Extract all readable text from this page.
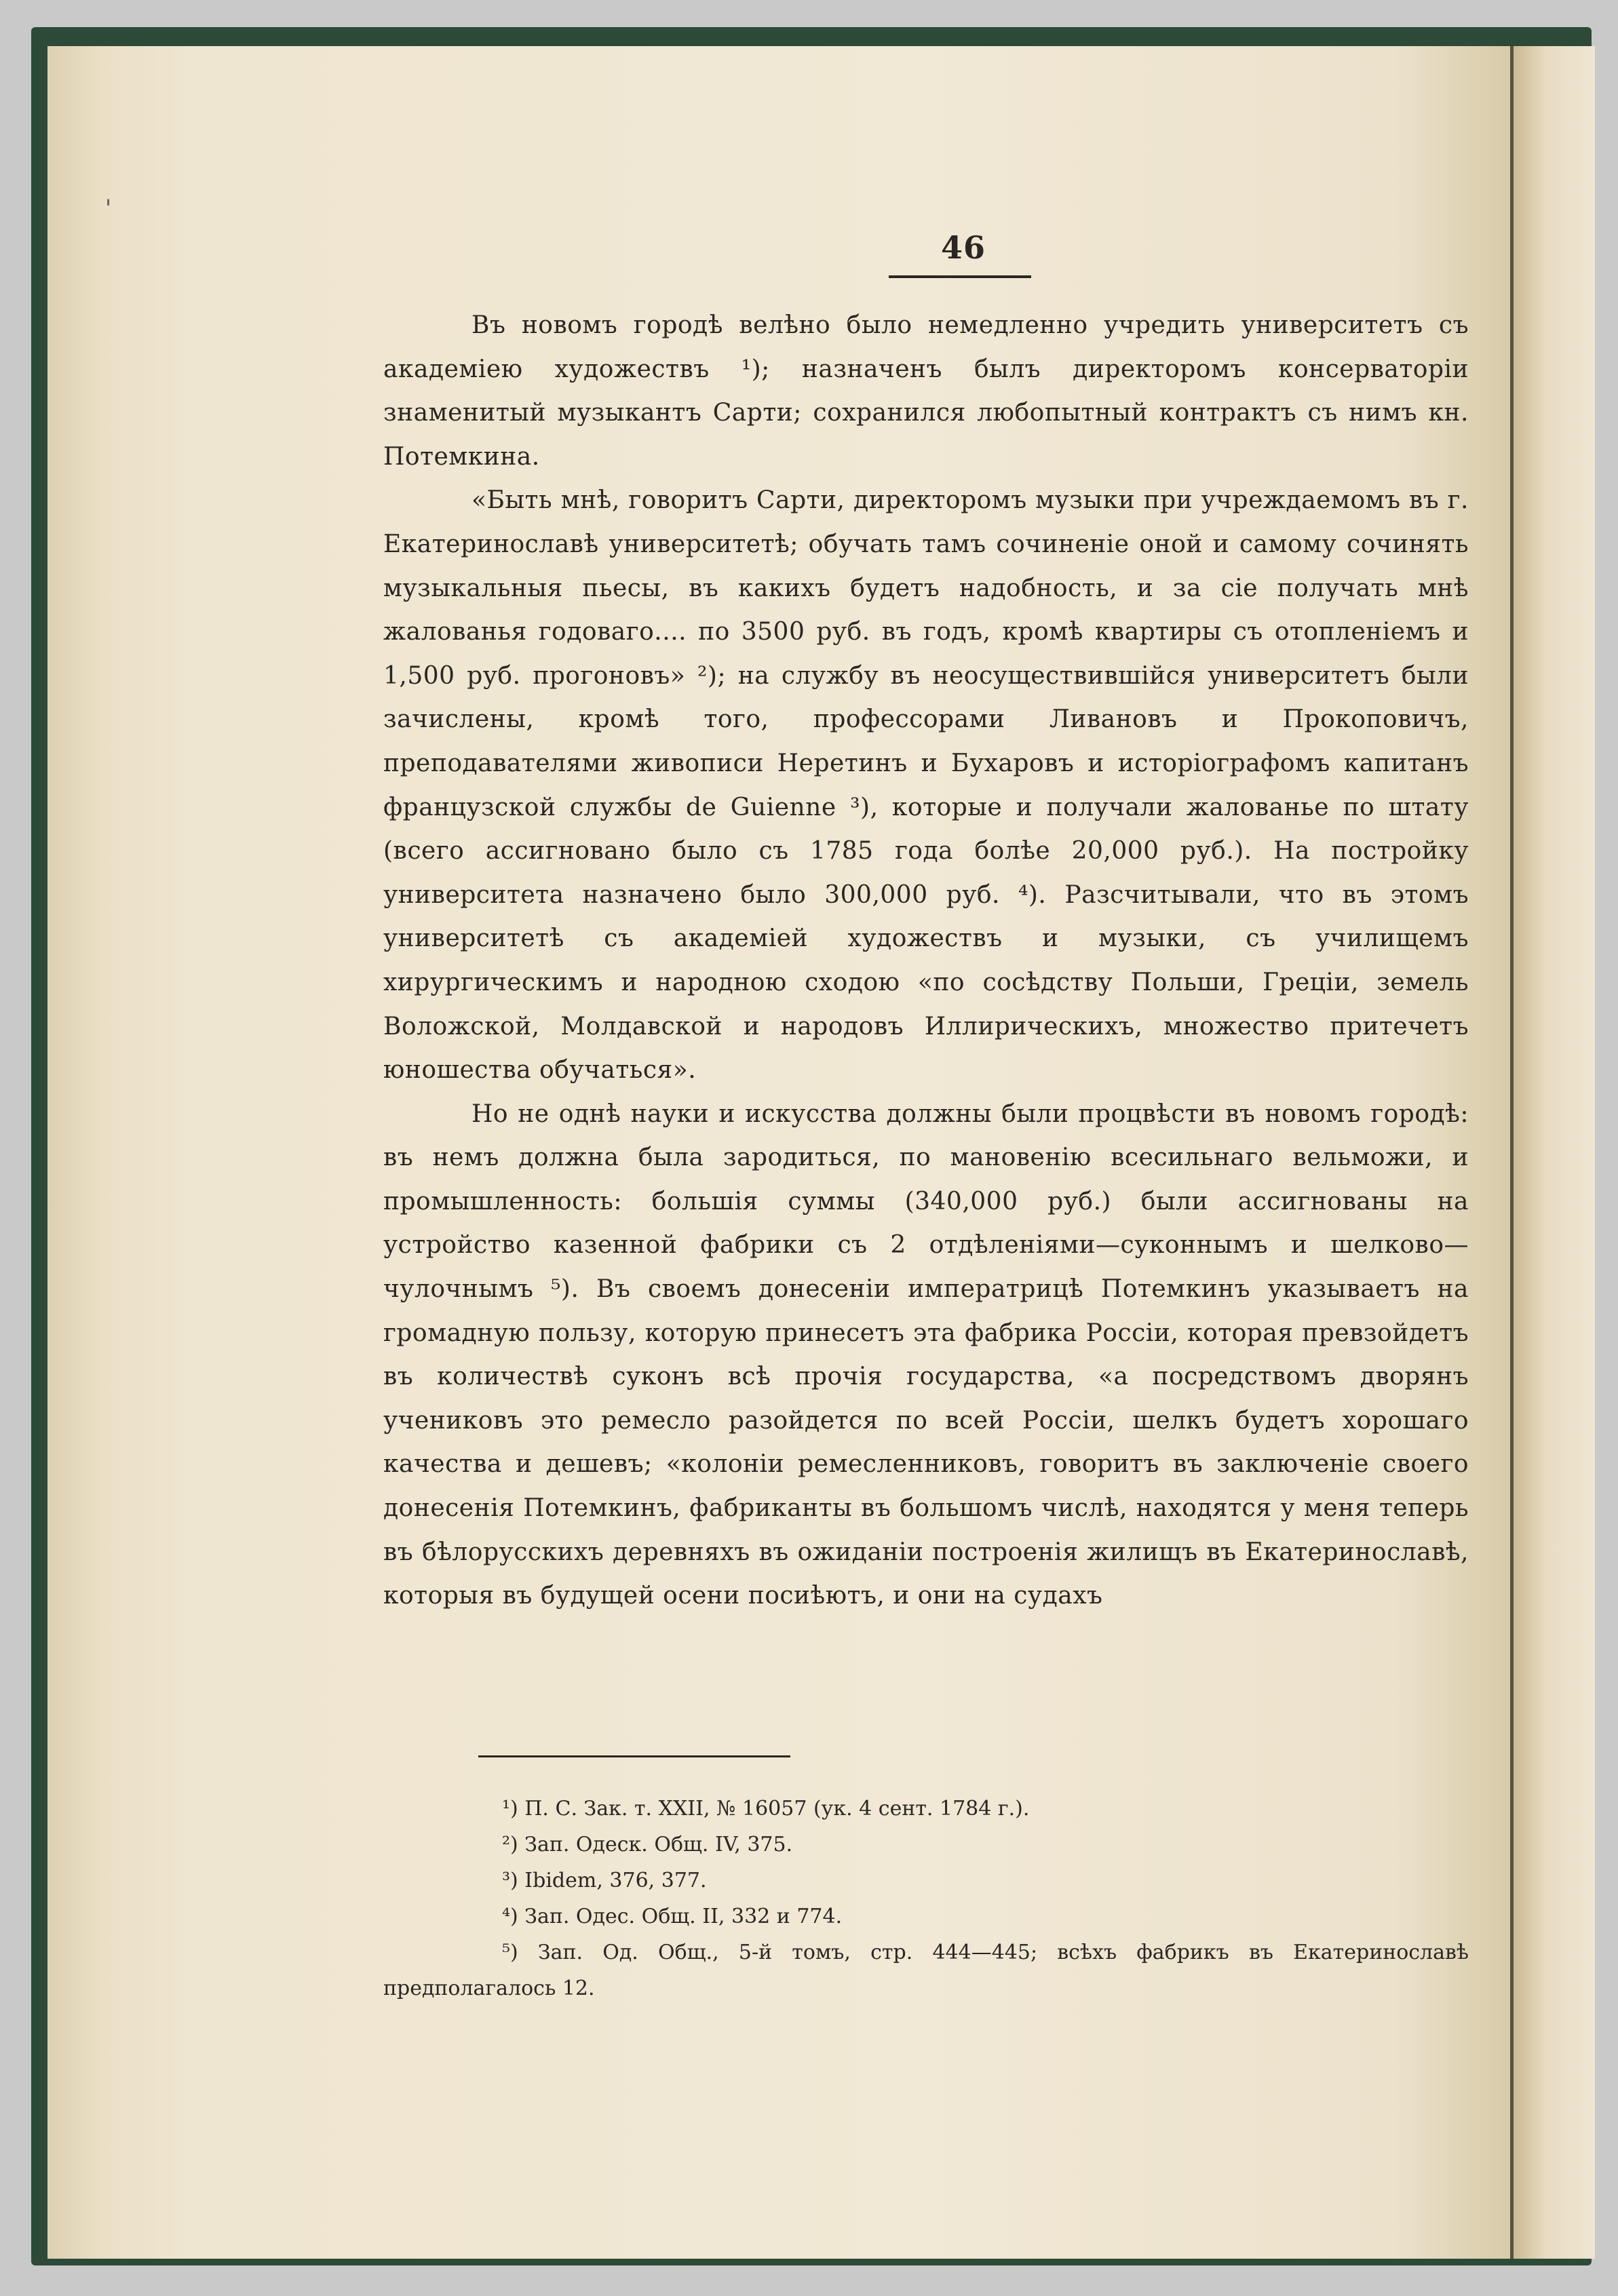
ˈ
46

Въ новомъ городѣ велѣно было немедленно учредить университетъ съ академiею художествъ ¹); назначенъ былъ директоромъ консерваторiи знаменитый музыкантъ Сарти; сохранился любопытный контрактъ съ нимъ кн. Потемкина.

«Быть мнѣ, говоритъ Сарти, директоромъ музыки при учреждаемомъ въ г. Екатеринославѣ университетѣ; обучать тамъ сочиненiе оной и самому сочинять музыкальныя пьесы, въ какихъ будетъ надобность, и за сiе получать мнѣ жалованья годоваго.... по 3500 руб. въ годъ, кромѣ квартиры съ отопленiемъ и 1,500 руб. прогоновъ» ²); на службу въ неосуществившiйся университетъ были зачислены, кромѣ того, профессорами Ливановъ и Прокоповичъ, преподавателями живописи Неретинъ и Бухаровъ и исторiографомъ капитанъ французской службы de Guienne ³), которые и получали жалованье по штату (всего ассигновано было съ 1785 года болѣе 20,000 руб.). На постройку университета назначено было 300,000 руб. ⁴). Разсчитывали, что въ этомъ университетѣ съ академiей художествъ и музыки, съ училищемъ хирургическимъ и народною сходою «по сосѣдству Польши, Грецiи, земель Воложской, Молдавской и народовъ Иллирическихъ, множество притечетъ юношества обучаться».

Но не однѣ науки и искусства должны были процвѣсти въ новомъ городѣ: въ немъ должна была зародиться, по мановенiю всесильнаго вельможи, и промышленность: большiя суммы (340,000 руб.) были ассигнованы на устройство казенной фабрики съ 2 отдѣленiями—суконнымъ и шелково—чулочнымъ ⁵). Въ своемъ донесенiи императрицѣ Потемкинъ указываетъ на громадную пользу, которую принесетъ эта фабрика Россiи, которая превзойдетъ въ количествѣ суконъ всѣ прочiя государства, «а посредствомъ дворянъ учениковъ это ремесло разойдется по всей Россiи, шелкъ будетъ хорошаго качества и дешевъ; «колонiи ремесленниковъ, говоритъ въ заключенiе своего донесенiя Потемкинъ, фабриканты въ большомъ числѣ, находятся у меня теперь въ бѣлорусскихъ деревняхъ въ ожиданiи построенiя жилищъ въ Екатеринославѣ, которыя въ будущей осени посиѣютъ, и они на судахъ

¹) П. С. Зак. т. XXII, № 16057 (ук. 4 сент. 1784 г.).

²) Зап. Одеск. Общ. IV, 375.

³) Ibidem, 376, 377.

⁴) Зап. Одес. Общ. II, 332 и 774.

⁵) Зап. Од. Общ., 5-й томъ, стр. 444—445; всѣхъ фабрикъ въ Екатеринославѣ предполагалось 12.
